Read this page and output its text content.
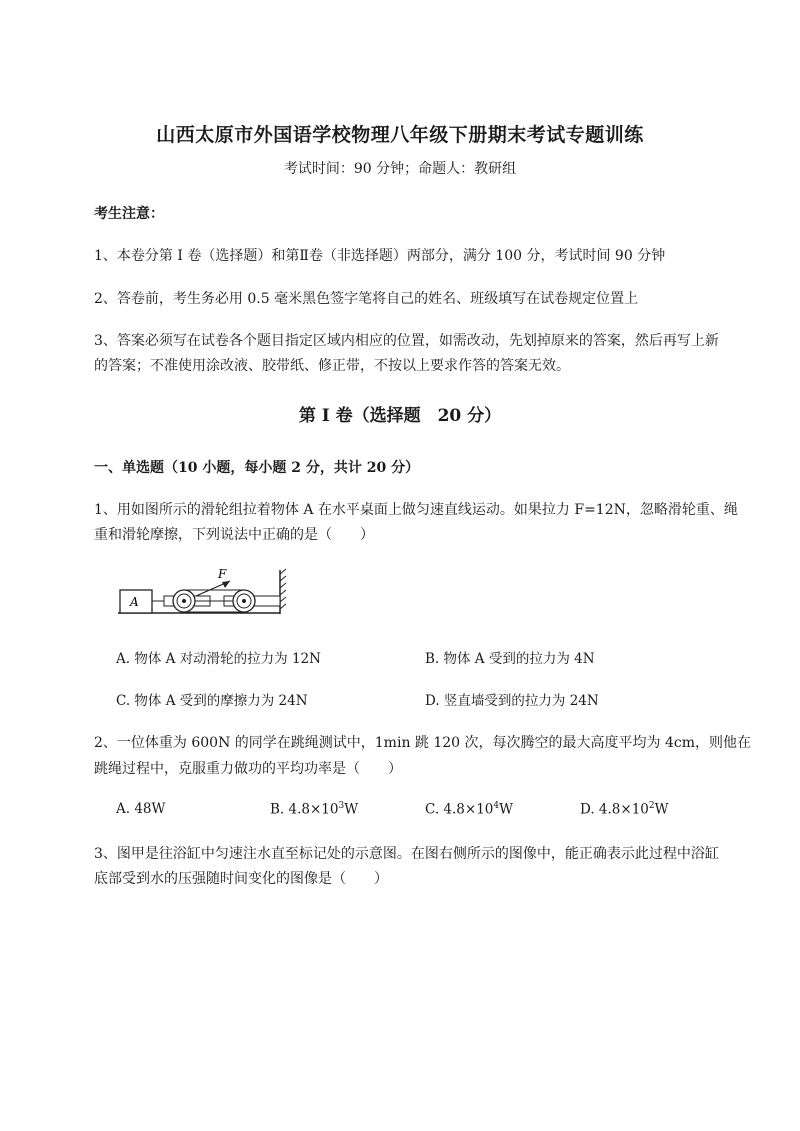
山西太原市外国语学校物理八年级下册期末考试专题训练
考试时间：90 分钟；命题人：教研组
考生注意：
1、本卷分第 I 卷（选择题）和第Ⅱ卷（非选择题）两部分，满分 100 分，考试时间 90 分钟
2、答卷前，考生务必用 0.5 毫米黑色签字笔将自己的姓名、班级填写在试卷规定位置上
3、答案必须写在试卷各个题目指定区域内相应的位置，如需改动，先划掉原来的答案，然后再写上新
的答案；不准使用涂改液、胶带纸、修正带，不按以上要求作答的答案无效。
第 I 卷（选择题　20 分）
一、单选题（10 小题，每小题 2 分，共计 20 分）
1、用如图所示的滑轮组拉着物体 A 在水平桌面上做匀速直线运动。如果拉力 F=12N，忽略滑轮重、绳
重和滑轮摩擦，下列说法中正确的是（　　）
A
F
A. 物体 A 对动滑轮的拉力为 12N	B. 物体 A 受到的拉力为 4N
C. 物体 A 受到的摩擦力为 24N	D. 竖直墙受到的拉力为 24N
2、一位体重为 600N 的同学在跳绳测试中，1min 跳 120 次，每次腾空的最大高度平均为 4cm，则他在
跳绳过程中，克服重力做功的平均功率是（　　）
A. 48W	B. $4.8\times 10^3W$	C. $4.8\times 10^4W$	D. $4.8\times 10^2W$
3、图甲是往浴缸中匀速注水直至标记处的示意图。在图右侧所示的图像中，能正确表示此过程中浴缸
底部受到水的压强随时间变化的图像是（　　）
